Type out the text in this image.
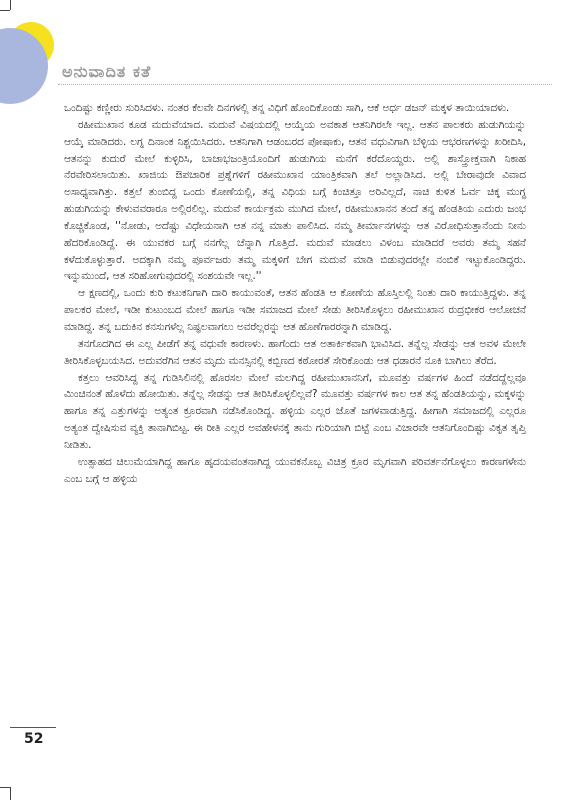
ಅನುವಾದಿತ ಕತೆ

ಒಂದಿಷ್ಟು ಕಣ್ಣೀರು ಸುರಿಸಿದಳು. ನಂತರ ಕೆಲವೇ ದಿನಗಳಲ್ಲಿ ತನ್ನ ವಿಧಿಗೆ ಹೊಂದಿಕೊಂಡು ಸಾಗಿ, ಆಕೆ ಅರ್ಧ ಡಜನ್ ಮಕ್ಕಳ ತಾಯಿಯಾದಳು.

ರಹೀಮುಖಾನ ಕೂಡ ಮದುವೆಯಾದ. ಮದುವೆ ವಿಷಯದಲ್ಲಿ ಆಯ್ಕೆಯ ಅವಕಾಶ ಆತನಿಗಿರಲೇ ಇಲ್ಲ. ಆತನ ಪಾಲಕರು ಹುಡುಗಿಯನ್ನು ಆಯ್ಕೆ ಮಾಡಿದರು. ಲಗ್ನ ದಿನಾಂಕ ನಿಶ್ಚಯಿಸಿದರು. ಆತನಿಗಾಗಿ ಆಡಂಬರದ ಪೋಷಾಕು, ಆತನ ವಧುವಿಗಾಗಿ ಬೆಳ್ಳಿಯ ಆಭರಣಗಳನ್ನು ಖರೀದಿಸಿ, ಆತನನ್ನು ಕುದುರೆ ಮೇಲೆ ಕುಳ್ಳಿರಿಸಿ, ಬಾಜಾಭಜಂತ್ರಿಯೊಂದಿಗೆ ಹುಡುಗಿಯ ಮನೆಗೆ ಕರೆದೊಯ್ದರು. ಅಲ್ಲಿ ಶಾಸ್ತ್ರೋಕ್ತವಾಗಿ ನಿಕಾಹ ನೆರವೇರಿಸಲಾಯಿತು. ಖಾಜಿಯ ಔಪಚಾರಿಕ ಪ್ರಶ್ನೆಗಳಿಗೆ ರಹೀಮುಖಾನ ಯಾಂತ್ರಿಕವಾಗಿ ತಲೆ ಅಲ್ಲಾಡಿಸಿದ. ಅಲ್ಲಿ ಬೇರಾವುದೇ ವಿವಾದ ಅಸಾಧ್ಯವಾಗಿತ್ತು. ಕತ್ತಲೆ ತುಂಬಿದ್ದ ಒಂದು ಕೋಣೆಯಲ್ಲಿ, ತನ್ನ ವಿಧಿಯ ಬಗ್ಗೆ ಕಿಂಚಿತ್ತೂ ಅರಿವಿಲ್ಲದೆ, ನಾಚಿ ಕುಳಿತ ಓರ್ವ ಚಿಕ್ಕ ಮುಗ್ಧ ಹುಡುಗಿಯನ್ನು ಕೇಳುವವರಾರೂ ಅಲ್ಲಿರಲಿಲ್ಲ. ಮದುವೆ ಕಾರ್ಯಕ್ರಮ ಮುಗಿದ ಮೇಲೆ, ರಹೀಮುಖಾನನ ತಂದೆ ತನ್ನ ಹೆಂಡತಿಯ ಎದುರು ಜಂಭ ಕೊಚ್ಚಿಕೊಂಡ, ''ನೋಡು, ಅದೆಷ್ಟು ವಿಧೇಯನಾಗಿ ಆತ ನನ್ನ ಮಾತು ಪಾಲಿಸಿದ. ನಮ್ಮ ತೀರ್ಮಾನಗಳನ್ನು ಆತ ವಿರೋಧಿಸುತ್ತಾನೆಂದು ನೀನು ಹೆದರಿಕೊಂಡಿದ್ದೆ. ಈ ಯುವಕರ ಬಗ್ಗೆ ನನಗೆಲ್ಲ ಚೆನ್ನಾಗಿ ಗೊತ್ತಿದೆ. ಮದುವೆ ಮಾಡಲು ವಿಳಂಬ ಮಾಡಿದರೆ ಅವರು ತಮ್ಮ ಸಹನೆ ಕಳೆದುಕೊಳ್ಳುತ್ತಾರೆ. ಅದಕ್ಕಾಗಿ ನಮ್ಮ ಪೂರ್ವಜರು ತಮ್ಮ ಮಕ್ಕಳಿಗೆ ಬೇಗ ಮದುವೆ ಮಾಡಿ ಬಿಡುವುದರಲ್ಲೇ ನಂಬಿಕೆ ಇಟ್ಟುಕೊಂಡಿದ್ದರು. ಇನ್ನುಮುಂದೆ, ಆತ ಸರಿಹೋಗುವುದರಲ್ಲಿ ಸಂಶಯವೇ ಇಲ್ಲ.''

ಆ ಕ್ಷಣದಲ್ಲಿ, ಒಂದು ಕುರಿ ಕಟುಕನಿಗಾಗಿ ದಾರಿ ಕಾಯುವಂತೆ, ಆತನ ಹೆಂಡತಿ ಆ ಕೋಣೆಯ ಹೊಸ್ತಿಲಲ್ಲಿ ನಿಂತು ದಾರಿ ಕಾಯುತ್ತಿದ್ದಳು. ತನ್ನ ಪಾಲಕರ ಮೇಲೆ, ಇಡೀ ಕುಟುಂಬದ ಮೇಲೆ ಹಾಗೂ ಇಡೀ ಸಮಾಜದ ಮೇಲೆ ಸೇಡು ತೀರಿಸಿಕೊಳ್ಳಲು ರಹೀಮುಖಾನ ರುದ್ರಭೀಕರ ಆಲೋಚನೆ ಮಾಡಿದ್ದ. ತನ್ನ ಬದುಕಿನ ಕನಸುಗಳೆಲ್ಲ ನಿಷ್ಫಲವಾಗಲು ಅವರೆಲ್ಲರನ್ನು ಆತ ಹೊಣೆಗಾರರನ್ನಾಗಿ ಮಾಡಿದ್ದ.

ತನಗೊದಗಿದ ಈ ಎಲ್ಲ ಪೀಡೆಗೆ ತನ್ನ ವಧುವೇ ಕಾರಣಳು. ಹಾಗೆಂದು ಆತ ಅತಾರ್ಕಿಕವಾಗಿ ಭಾವಿಸಿದ. ತನ್ನೆಲ್ಲ ಸೇಡನ್ನು ಆತ ಅವಳ ಮೇಲೇ ತೀರಿಸಿಕೊಳ್ಳಬಯಸಿದ. ಅದುವರೆಗಿನ ಆತನ ಮೃದು ಮನಸ್ಸಿನಲ್ಲಿ ಕಬ್ಬಿಣದ ಕಠೋರತೆ ಸೇರಿಕೊಂಡು ಆತ ಧಡಾರನೆ ನೂಕಿ ಬಾಗಿಲು ತೆರೆದ.

ಕತ್ತಲು ಆವರಿಸಿದ್ದ ತನ್ನ ಗುಡಿಸಿಲಿನಲ್ಲಿ ಹೊರಸಲ ಮೇಲೆ ಮಲಗಿದ್ದ ರಹೀಮುಖಾನನಿಗೆ, ಮೂವತ್ತು ವರ್ಷಗಳ ಹಿಂದೆ ನಡೆದದ್ದೆಲ್ಲವೂ ಮಿಂಚಿನಂತೆ ಹೊಳೆದು ಹೋಯಿತು. ತನ್ನೆಲ್ಲ ಸೇಡನ್ನು ಆತ ತೀರಿಸಿಕೊಳ್ಳಲಿಲ್ಲವೆ? ಮೂವತ್ತು ವರ್ಷಗಳ ಕಾಲ ಆತ ತನ್ನ ಹೆಂಡತಿಯನ್ನು, ಮಕ್ಕಳನ್ನು ಹಾಗೂ ತನ್ನ ಎತ್ತುಗಳನ್ನು ಅತ್ಯಂತ ಕ್ರೂರವಾಗಿ ನಡೆಸಿಕೊಂಡಿದ್ದ. ಹಳ್ಳಿಯ ಎಲ್ಲರ ಜೊತೆ ಜಗಳವಾಡುತ್ತಿದ್ದ. ಹೀಗಾಗಿ ಸಮಾಜದಲ್ಲಿ ಎಲ್ಲರೂ ಅತ್ಯಂತ ದ್ವೇಷಿಸುವ ವ್ಯಕ್ತಿ ತಾನಾಗಿಬಿಟ್ಟ. ಈ ರೀತಿ ಎಲ್ಲರ ಅವಹೇಳನಕ್ಕೆ ತಾನು ಗುರಿಯಾಗಿ ಬಿಟ್ಟೆ ಎಂಬ ವಿಚಾರವೇ ಆತನಿಗೊಂದಿಷ್ಟು ವಿಕೃತ ತೃಪ್ತಿ ನೀಡಿತು.

ಉತ್ಸಾಹದ ಚಿಲುಮೆಯಾಗಿದ್ದ ಹಾಗೂ ಹೃದಯವಂತನಾಗಿದ್ದ ಯುವಕನೊಬ್ಬ ವಿಚಿತ್ರ ಕ್ರೂರ ಮೃಗವಾಗಿ ಪರಿವರ್ತನೆಗೊಳ್ಳಲು ಕಾರಣಗಳೇನು ಎಂಬ ಬಗ್ಗೆ ಆ ಹಳ್ಳಿಯ

52
